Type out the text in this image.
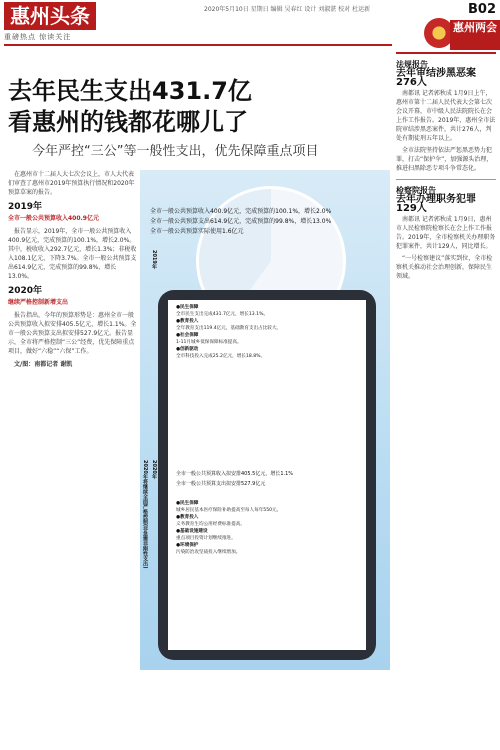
惠州头条
重磅热点 惊读关注
2020年5月10日 星期日 编辑 吴春红 设计 刘淑湛 校对 杜运新	B02
惠州两会
去年民生支出431.7亿
看惠州的钱都花哪儿了
今年严控“三公”等一般性支出，优先保障重点项目

在惠州市十二届人大七次会议上，市人大代表们审查了惠州市2019年预算执行情况和2020年预算草案的报告。

2019年
全市一般公共预算收入400.9亿元

报告显示，2019年，全市一般公共预算收入400.9亿元，完成预算的100.1%，增长2.0%。其中，税收收入292.7亿元，增长1.3%；非税收入108.1亿元，下降3.7%。全市一般公共预算支出614.9亿元，完成预算的99.8%，增长13.0%。

2020年
继续严格控制新增支出

报告指出，今年的预算形势是：惠州全市一般公共预算收入拟安排405.5亿元，增长1.1%。全市一般公共预算支出拟安排527.9亿元。报告显示，全市将严格控制“三公”经费，优先保障重点项目，做好“六稳”“六保”工作。

文/图：南都记者 谢凯

全市一般公共预算收入400.9亿元，完成预算的100.1%，增长2.0%
全市一般公共预算支出614.9亿元，完成预算的99.8%，增长13.0%
全市一般公共预算实际使用1.6亿元
2019年
2020年
2020年将继续全面严格控制(非急需非刚性支出)
●民生保障
全市民生支出完成431.7亿元，增长13.1%。
●教育投入
全年教育支出119.4亿元，基础教育支出占比较大。
●社会保障
1-11月城乡低保保障标准提高。
●创新驱动
全市科技投入完成25.2亿元，增长18.8%。
全市一般公共预算收入拟安排405.5亿元，增长1.1%
全市一般公共预算支出拟安排527.9亿元
●民生保障
城乡居民基本医疗保险补助提高至每人每年550元。
●教育投入
义务教育生均公用经费标准提高。
●基础设施建设
重点项目投资计划继续推进。
●环境保护
污染防治攻坚战投入继续增加。
法规报告
去年审结涉黑恶案276人

南都讯 记者郭秋成 1月9日上午，惠州市第十二届人民代表大会第七次会议开幕，市中级人民法院院长在会上作工作报告。2019年，惠州全市法院审结涉黑恶案件，共计276人，判处有期徒刑五年以上。

全市法院坚持依法严惩黑恶势力犯罪，打击“保护伞”，加强源头治理，推进扫黑除恶专项斗争常态化。

检察院报告
去年办理职务犯罪129人

南都讯 记者郭秋成 1月9日，惠州市人民检察院检察长在会上作工作报告。2019年，全市检察机关办理职务犯罪案件，共计129人，同比增长。

“一号检察建议”落实到位，全市检察机关推动社会治理创新，保障民生领域。
